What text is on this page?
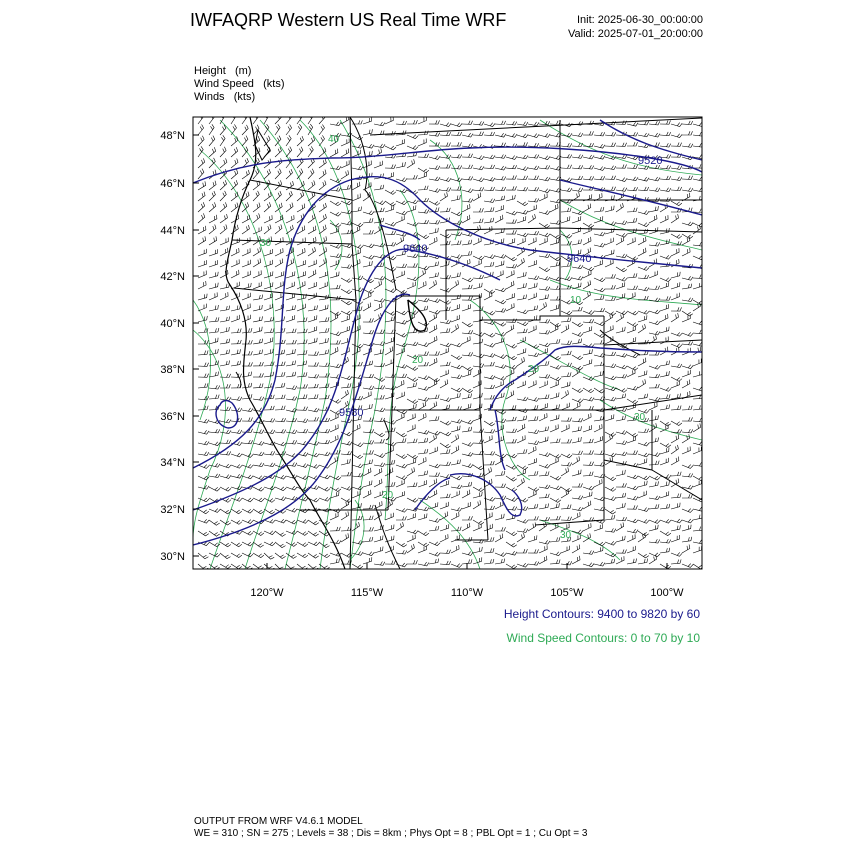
IWFAQRP Western US Real Time WRF	Init: 2025-06-30_00:00:00
Valid: 2025-07-01_20:00:00
Height   (m)
Wind Speed   (kts)
Winds   (kts)
9640
9640
9520
9580
40
30
20
10
20
30
30
20
48°N
46°N
44°N
42°N
40°N
38°N
36°N
34°N
32°N
30°N
120°W	115°W	110°W	105°W	100°W
Height Contours: 9400 to 9820 by 60
Wind Speed Contours: 0 to 70 by 10
OUTPUT FROM WRF V4.6.1 MODEL
WE = 310 ; SN = 275 ; Levels = 38 ; Dis = 8km ; Phys Opt = 8 ; PBL Opt = 1 ; Cu Opt = 3
